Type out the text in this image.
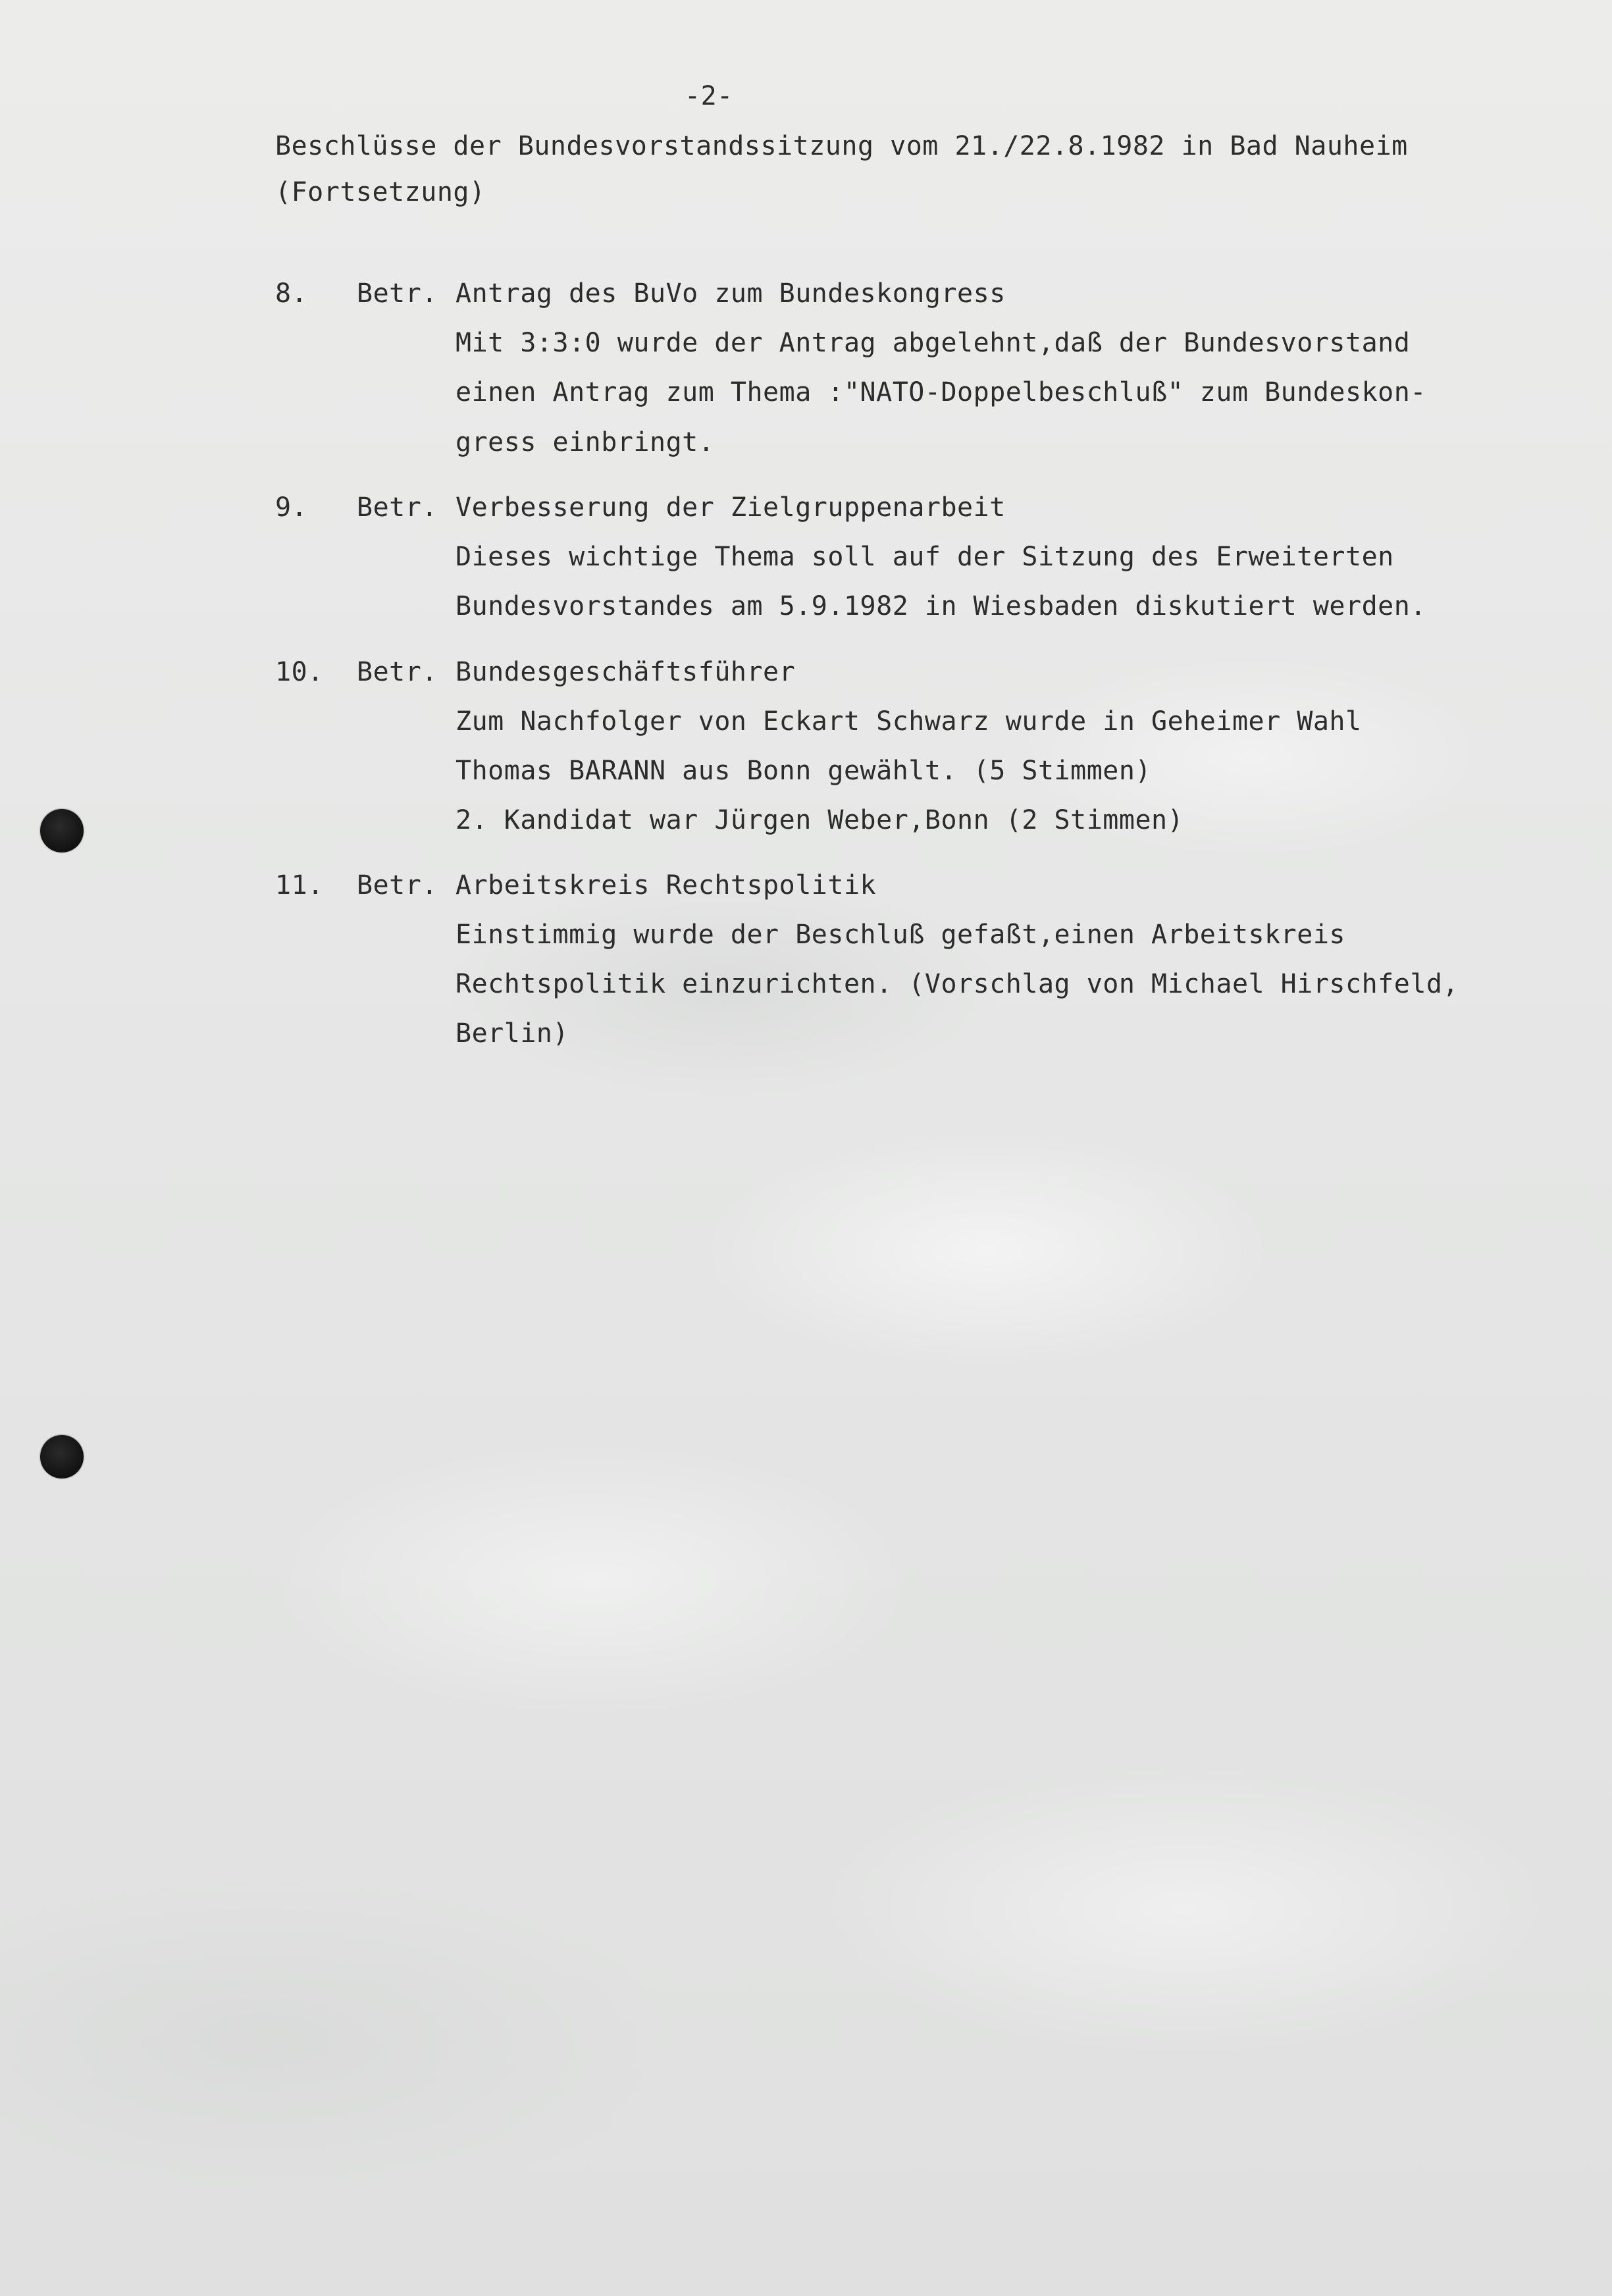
-2-
Beschlüsse der Bundesvorstandssitzung vom 21./22.8.1982 in Bad Nauheim
(Fortsetzung)
8. Betr. Antrag des BuVo zum Bundeskongress
Mit 3:3:0 wurde der Antrag abgelehnt,daß der Bundesvorstand
einen Antrag zum Thema :"NATO-Doppelbeschluß" zum Bundeskon-
gress einbringt.
9. Betr. Verbesserung der Zielgruppenarbeit
Dieses wichtige Thema soll auf der Sitzung des Erweiterten
Bundesvorstandes am 5.9.1982 in Wiesbaden diskutiert werden.
10. Betr. Bundesgeschäftsführer
Zum Nachfolger von Eckart Schwarz wurde in Geheimer Wahl
Thomas BARANN aus Bonn gewählt. (5 Stimmen)
2. Kandidat war Jürgen Weber,Bonn (2 Stimmen)
11. Betr. Arbeitskreis Rechtspolitik
Einstimmig wurde der Beschluß gefaßt,einen Arbeitskreis
Rechtspolitik einzurichten. (Vorschlag von Michael Hirschfeld,
Berlin)
